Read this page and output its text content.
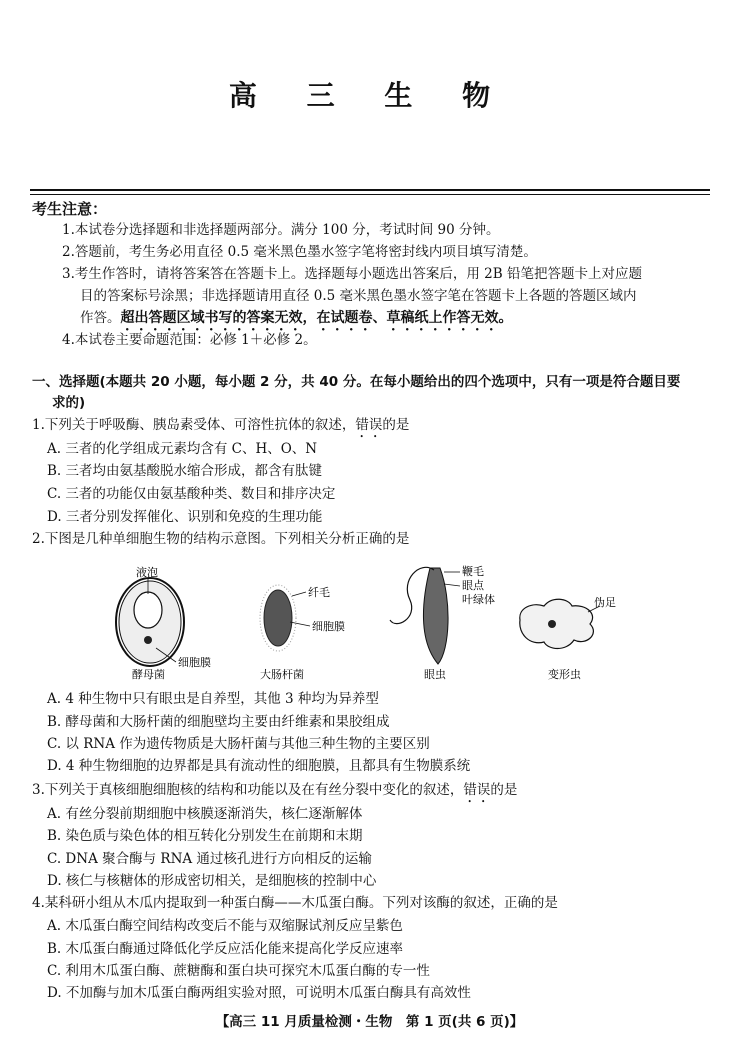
高 三 生 物
考生注意：
1.本试卷分选择题和非选择题两部分。满分 100 分，考试时间 90 分钟。
2.答题前，考生务必用直径 0.5 毫米黑色墨水签字笔将密封线内项目填写清楚。
3.考生作答时，请将答案答在答题卡上。选择题每小题选出答案后，用 2B 铅笔把答题卡上对应题
目的答案标号涂黑；非选择题请用直径 0.5 毫米黑色墨水签字笔在答题卡上各题的答题区域内
作答。超出答题区域书写的答案无效，在试题卷、草稿纸上作答无效。
4.本试卷主要命题范围：必修 1＋必修 2。
一、选择题(本题共 20 小题，每小题 2 分，共 40 分。在每小题给出的四个选项中，只有一项是符合题目要
求的)
1.下列关于呼吸酶、胰岛素受体、可溶性抗体的叙述，错误的是
A. 三者的化学组成元素均含有 C、H、O、N
B. 三者均由氨基酸脱水缩合形成，都含有肽键
C. 三者的功能仅由氨基酸种类、数目和排序决定
D. 三者分别发挥催化、识别和免疫的生理功能
2.下图是几种单细胞生物的结构示意图。下列相关分析正确的是
液泡
细胞膜
酵母菌
纤毛
细胞膜
大肠杆菌
鞭毛
眼点
叶绿体
眼虫
伪足
变形虫
A. 4 种生物中只有眼虫是自养型，其他 3 种均为异养型
B. 酵母菌和大肠杆菌的细胞壁均主要由纤维素和果胶组成
C. 以 RNA 作为遗传物质是大肠杆菌与其他三种生物的主要区别
D. 4 种生物细胞的边界都是具有流动性的细胞膜，且都具有生物膜系统
3.下列关于真核细胞细胞核的结构和功能以及在有丝分裂中变化的叙述，错误的是
A. 有丝分裂前期细胞中核膜逐渐消失，核仁逐渐解体
B. 染色质与染色体的相互转化分别发生在前期和末期
C. DNA 聚合酶与 RNA 通过核孔进行方向相反的运输
D. 核仁与核糖体的形成密切相关，是细胞核的控制中心
4.某科研小组从木瓜内提取到一种蛋白酶——木瓜蛋白酶。下列对该酶的叙述，正确的是
A. 木瓜蛋白酶空间结构改变后不能与双缩脲试剂反应呈紫色
B. 木瓜蛋白酶通过降低化学反应活化能来提高化学反应速率
C. 利用木瓜蛋白酶、蔗糖酶和蛋白块可探究木瓜蛋白酶的专一性
D. 不加酶与加木瓜蛋白酶两组实验对照，可说明木瓜蛋白酶具有高效性
【高三 11 月质量检测・生物　第 1 页(共 6 页)】
